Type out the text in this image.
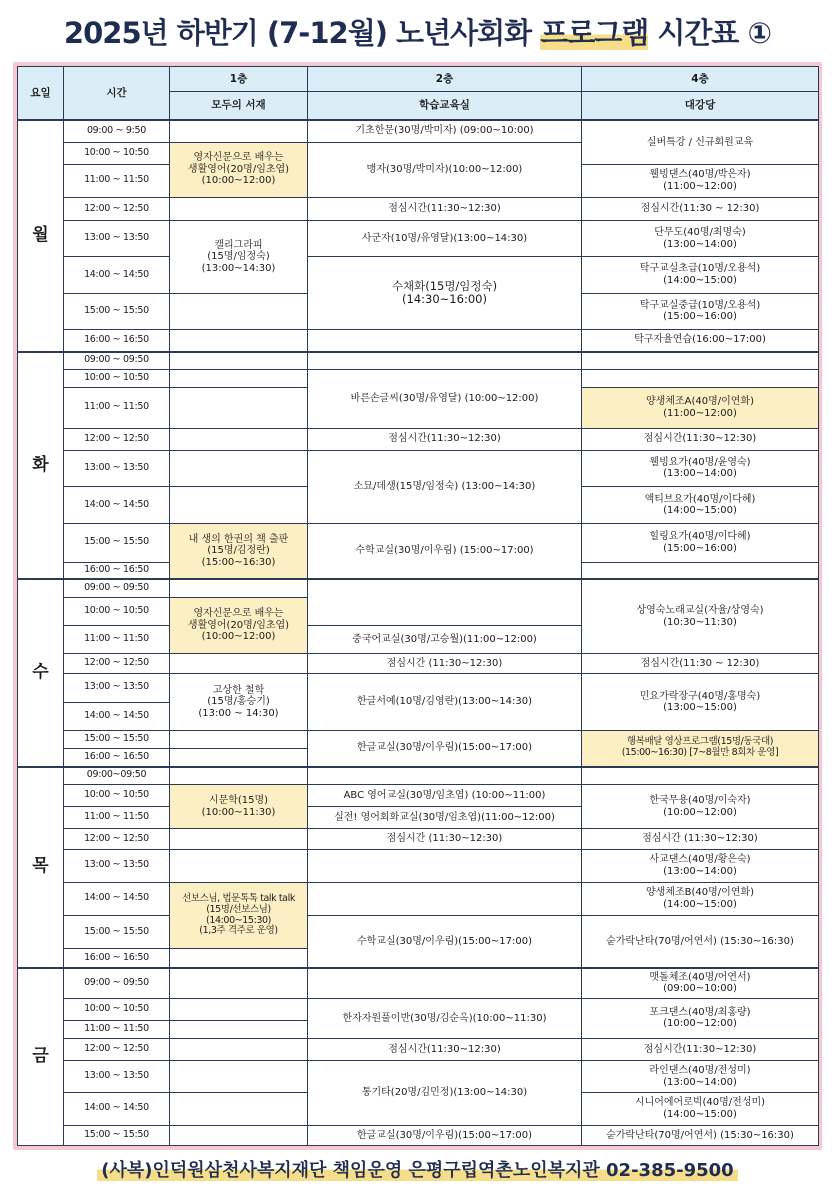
2025년 하반기 (7-12월) 노년사회화 프로그램 시간표 ①
요일	시간	1층	2층	4층
		모두의 서재	학습교육실	대강당
월	09:00 ~ 9:50		기초한문(30명/박미자) (09:00~10:00)	실버특강 / 신규회원교육
	10:00 ~ 10:50	영자신문으로 배우는
생활영어(20명/임초엽)
(10:00~12:00)	맹자(30명/박미자)(10:00~12:00)	
	11:00 ~ 11:50			웰빙댄스(40명/박은자)
(11:00~12:00)
	12:00 ~ 12:50		점심시간(11:30~12:30)	점심시간(11:30 ~ 12:30)
	13:00 ~ 13:50	캘리그라피
(15명/임정숙)
(13:00~14:30)	사군자(10명/유영달)(13:00~14:30)	단무도(40명/최명숙)
(13:00~14:00)
	14:00 ~ 14:50		수채화(15명/임정숙)
(14:30~16:00)	탁구교실초급(10명/오용석)
(14:00~15:00)
	15:00 ~ 15:50			탁구교실중급(10명/오용석)
(15:00~16:00)
	16:00 ~ 16:50			탁구자율연습(16:00~17:00)
화	09:00 ~ 09:50			
	10:00 ~ 10:50		바른손글씨(30명/유영달) (10:00~12:00)	
	11:00 ~ 11:50			양생체조A(40명/이연화)
(11:00~12:00)
	12:00 ~ 12:50		점심시간(11:30~12:30)	점심시간(11:30~12:30)
	13:00 ~ 13:50		소묘/데생(15명/임정숙) (13:00~14:30)	웰빙요가(40명/윤영숙)
(13:00~14:00)
	14:00 ~ 14:50			액티브요가(40명/이다혜)
(14:00~15:00)
	15:00 ~ 15:50	내 생의 한권의 책 출판
(15명/김정란)
(15:00~16:30)	수학교실(30명/이우림) (15:00~17:00)	힐링요가(40명/이다혜)
(15:00~16:00)
	16:00 ~ 16:50			
수	09:00 ~ 09:50			상영숙노래교실(자율/상영숙)
(10:30~11:30)
	10:00 ~ 10:50	영자신문으로 배우는
생활영어(20명/임초엽)
(10:00~12:00)		
	11:00 ~ 11:50		중국어교실(30명/고승월)(11:00~12:00)	
	12:00 ~ 12:50		점심시간 (11:30~12:30)	점심시간(11:30 ~ 12:30)
	13:00 ~ 13:50	고상한 철학
(15명/홍승기)
(13:00 ~ 14:30)	한글서예(10명/김영란)(13:00~14:30)	민요가락장구(40명/홍명숙)
(13:00~15:00)
	14:00 ~ 14:50			
	15:00 ~ 15:50		한글교실(30명/이우림)(15:00~17:00)	행복배달 영상프로그램(15명/동국대)
(15:00~16:30) [7~8월만 8회차 운영]
	16:00 ~ 16:50			
목	09:00~09:50			
	10:00 ~ 10:50	시문학(15명)
(10:00~11:30)	ABC 영어교실(30명/임초엽) (10:00~11:00)	한국무용(40명/이숙자)
(10:00~12:00)
	11:00 ~ 11:50		실전! 영어회화교실(30명/임초엽)(11:00~12:00)	
	12:00 ~ 12:50		점심시간 (11:30~12:30)	점심시간 (11:30~12:30)
	13:00 ~ 13:50			사교댄스(40명/황은숙)
(13:00~14:00)
	14:00 ~ 14:50	선보스님, 법문톡톡 talk talk
(15명/선보스님)
(14:00~15:30)
(1,3주 격주로 운영)		양생체조B(40명/이연화)
(14:00~15:00)
	15:00 ~ 15:50		수학교실(30명/이우림)(15:00~17:00)	숟가락난타(70명/어연서) (15:30~16:30)
	16:00 ~ 16:50			
금	09:00 ~ 09:50			맷돌체조(40명/어연서)
(09:00~10:00)
	10:00 ~ 10:50		한자자원풀이반(30명/김순옥)(10:00~11:30)	포크댄스(40명/최홍량)
(10:00~12:00)
	11:00 ~ 11:50			
	12:00 ~ 12:50		점심시간(11:30~12:30)	점심시간(11:30~12:30)
	13:00 ~ 13:50		통기타(20명/김민정)(13:00~14:30)	라인댄스(40명/전성미)
(13:00~14:00)
	14:00 ~ 14:50			시니어에어로빅(40명/전성미)
(14:00~15:00)
	15:00 ~ 15:50		한글교실(30명/이우림)(15:00~17:00)	숟가락난타(70명/어연서) (15:30~16:30)
(사복)인덕원삼천사복지재단 책임운영 은평구립역촌노인복지관 02-385-9500
